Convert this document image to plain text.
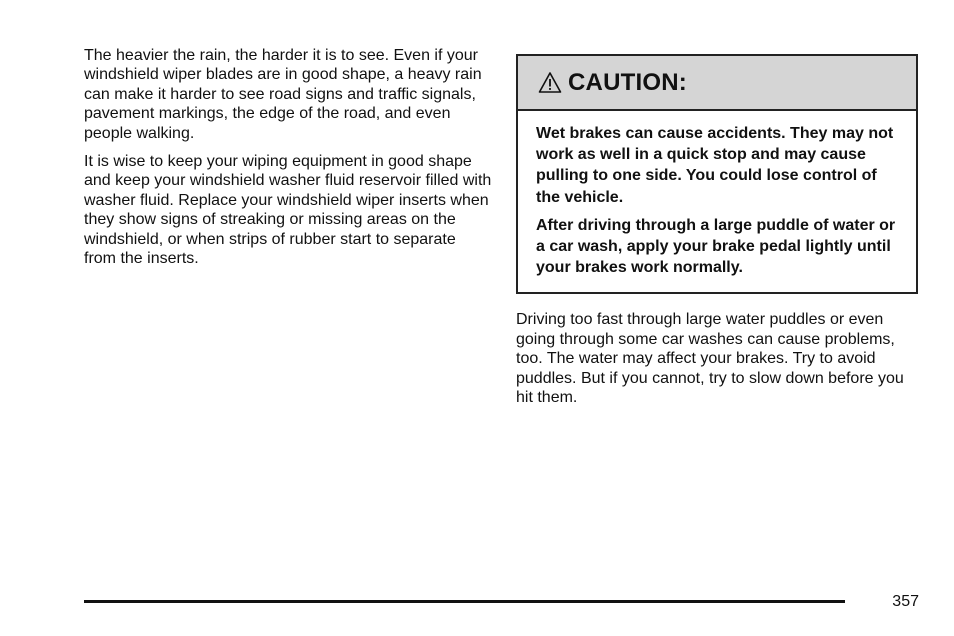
The heavier the rain, the harder it is to see. Even if your windshield wiper blades are in good shape, a heavy rain can make it harder to see road signs and traffic signals, pavement markings, the edge of the road, and even people walking.

It is wise to keep your wiping equipment in good shape and keep your windshield washer fluid reservoir filled with washer fluid. Replace your windshield wiper inserts when they show signs of streaking or missing areas on the windshield, or when strips of rubber start to separate from the inserts.

CAUTION:

Wet brakes can cause accidents. They may not work as well in a quick stop and may cause pulling to one side. You could lose control of the vehicle.

After driving through a large puddle of water or a car wash, apply your brake pedal lightly until your brakes work normally.

Driving too fast through large water puddles or even going through some car washes can cause problems, too. The water may affect your brakes. Try to avoid puddles. But if you cannot, try to slow down before you hit them.

357
